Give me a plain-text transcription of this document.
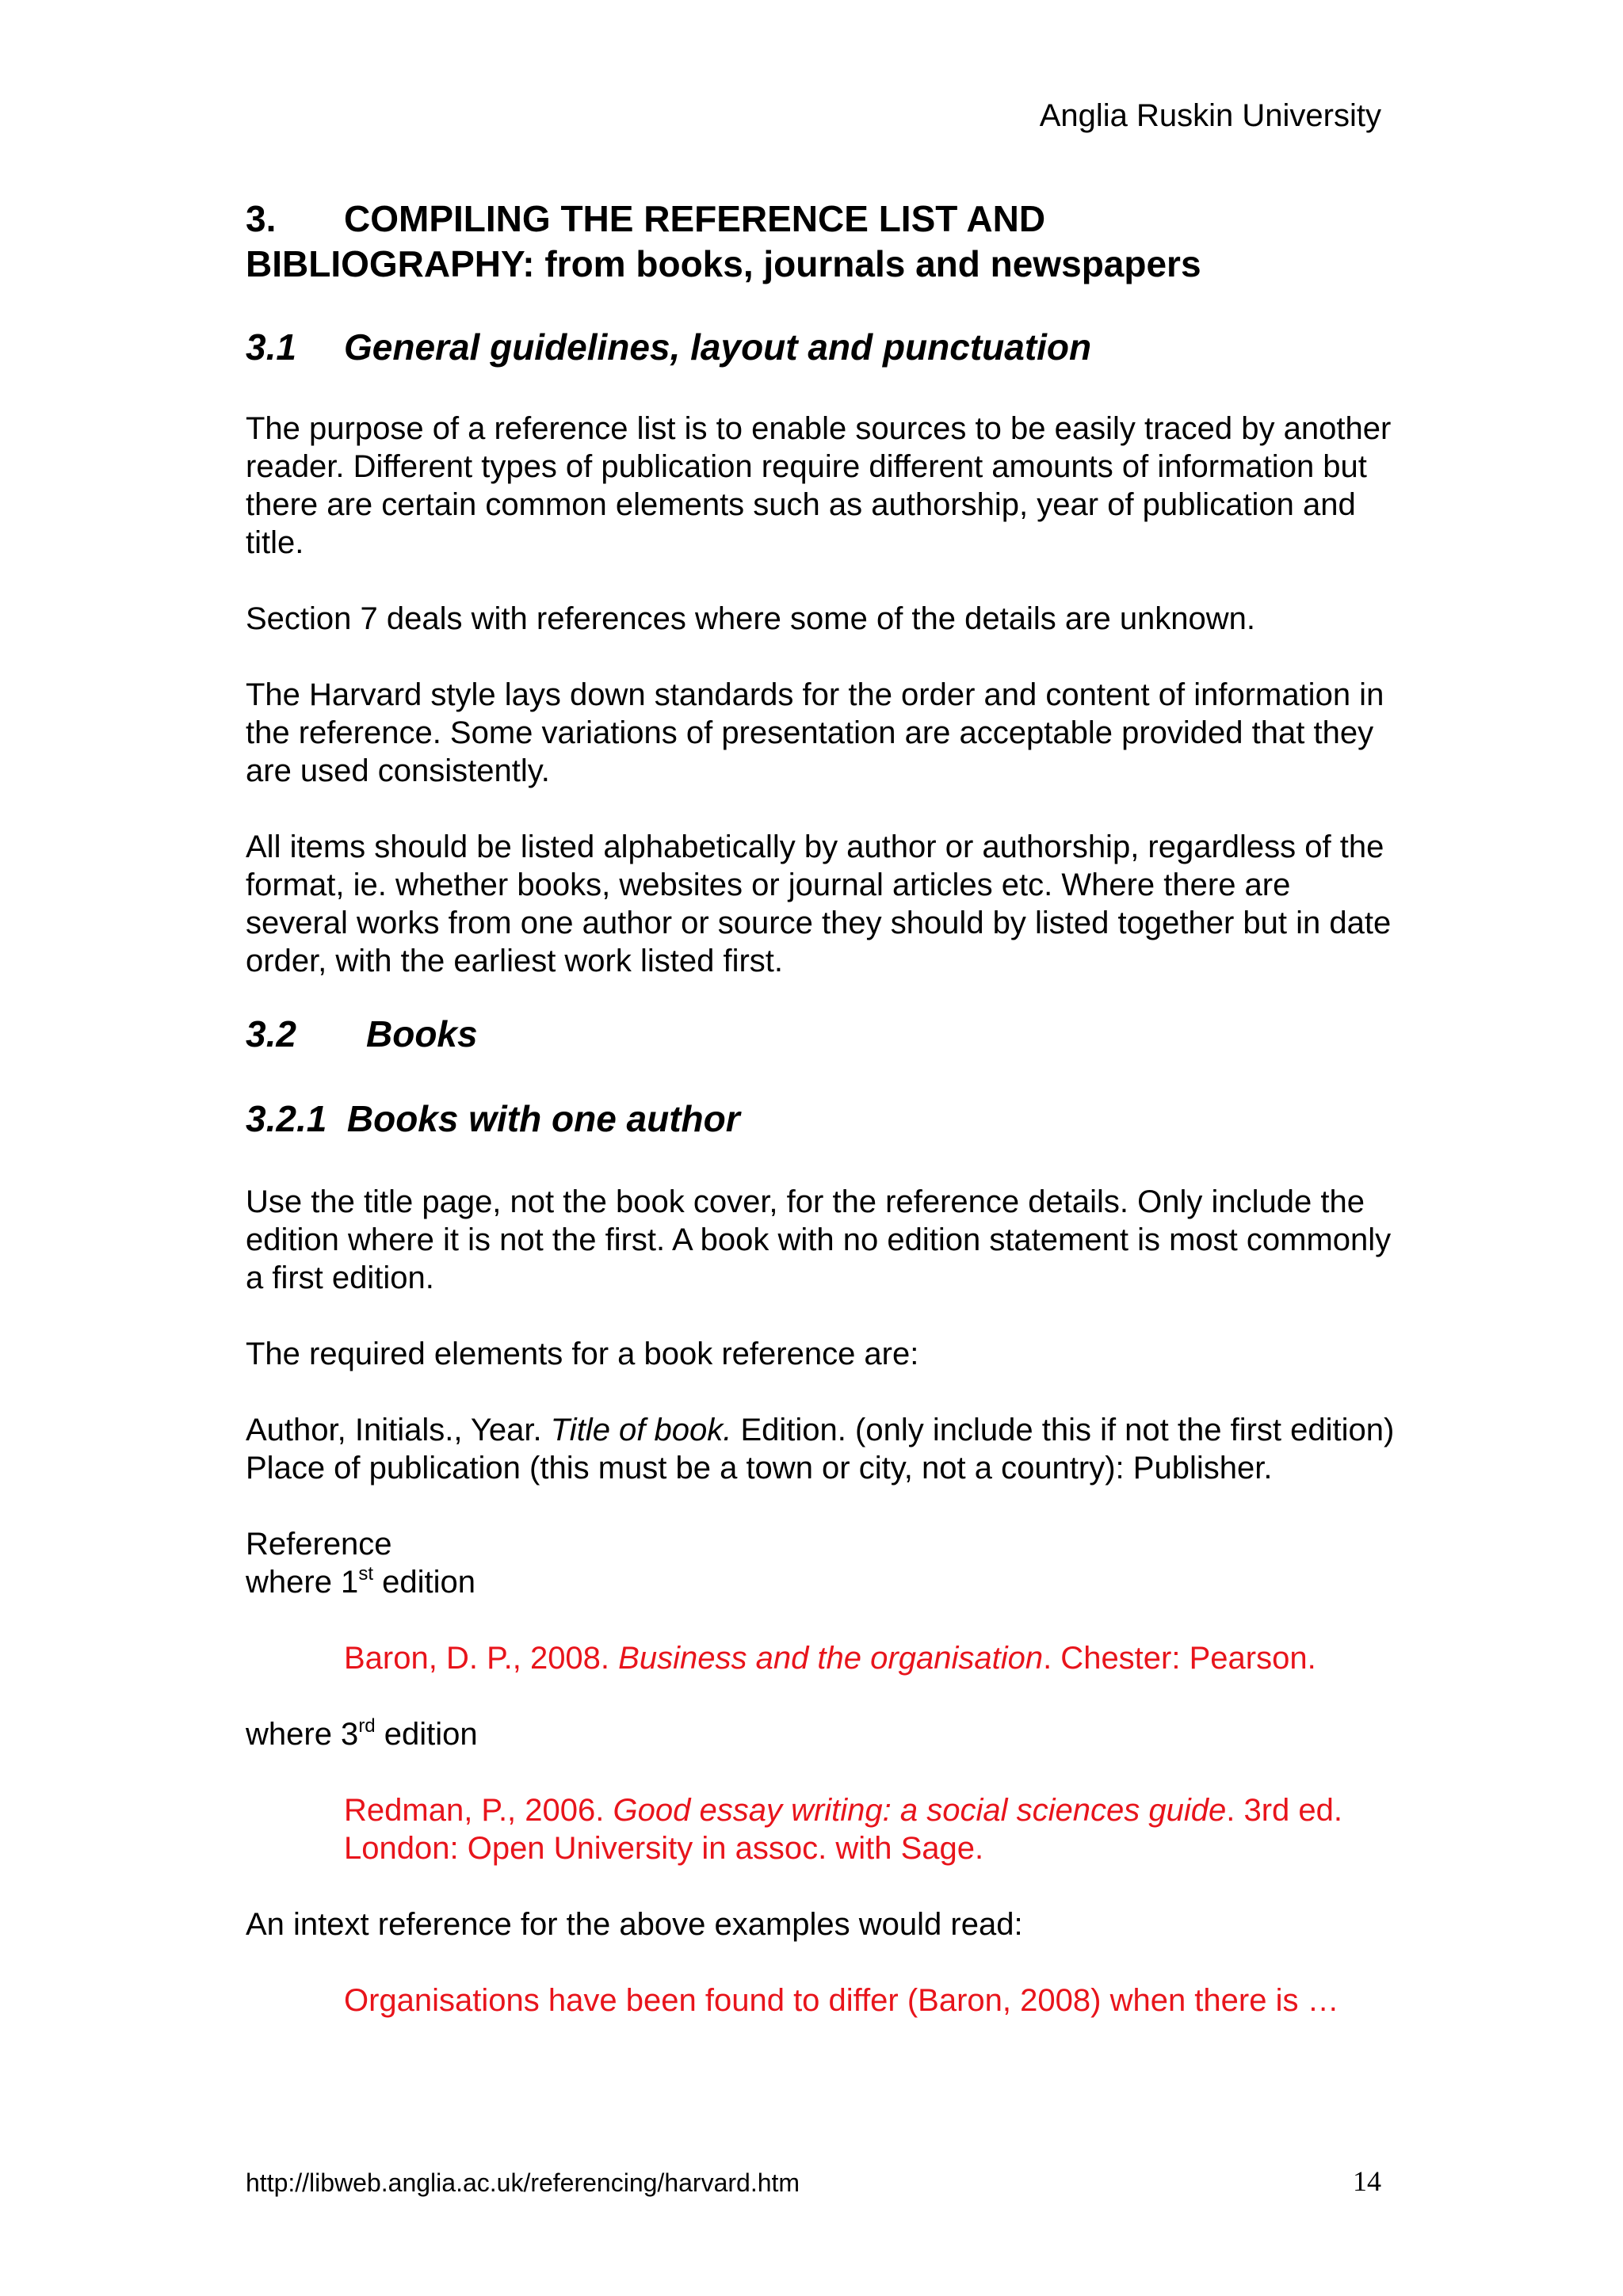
Anglia Ruskin University
3. COMPILING THE REFERENCE LIST AND
BIBLIOGRAPHY: from books, journals and newspapers
3.1 General guidelines, layout and punctuation

The purpose of a reference list is to enable sources to be easily traced by another reader. Different types of publication require different amounts of information but there are certain common elements such as authorship, year of publication and title.

Section 7 deals with references where some of the details are unknown.

The Harvard style lays down standards for the order and content of information in the reference. Some variations of presentation are acceptable provided that they are used consistently.

All items should be listed alphabetically by author or authorship, regardless of the format, ie. whether books, websites or journal articles etc. Where there are several works from one author or source they should by listed together but in date order, with the earliest work listed first.

3.2 Books
3.2.1 Books with one author

Use the title page, not the book cover, for the reference details. Only include the edition where it is not the first. A book with no edition statement is most commonly a first edition.

The required elements for a book reference are:

Author, Initials., Year. Title of book. Edition. (only include this if not the first edition) Place of publication (this must be a town or city, not a country): Publisher.

Reference
where 1st edition

Baron, D. P., 2008. Business and the organisation. Chester: Pearson.

where 3rd edition

Redman, P., 2006. Good essay writing: a social sciences guide. 3rd ed. London: Open University in assoc. with Sage.

An intext reference for the above examples would read:

Organisations have been found to differ (Baron, 2008) when there is …

http://libweb.anglia.ac.uk/referencing/harvard.htm	14
